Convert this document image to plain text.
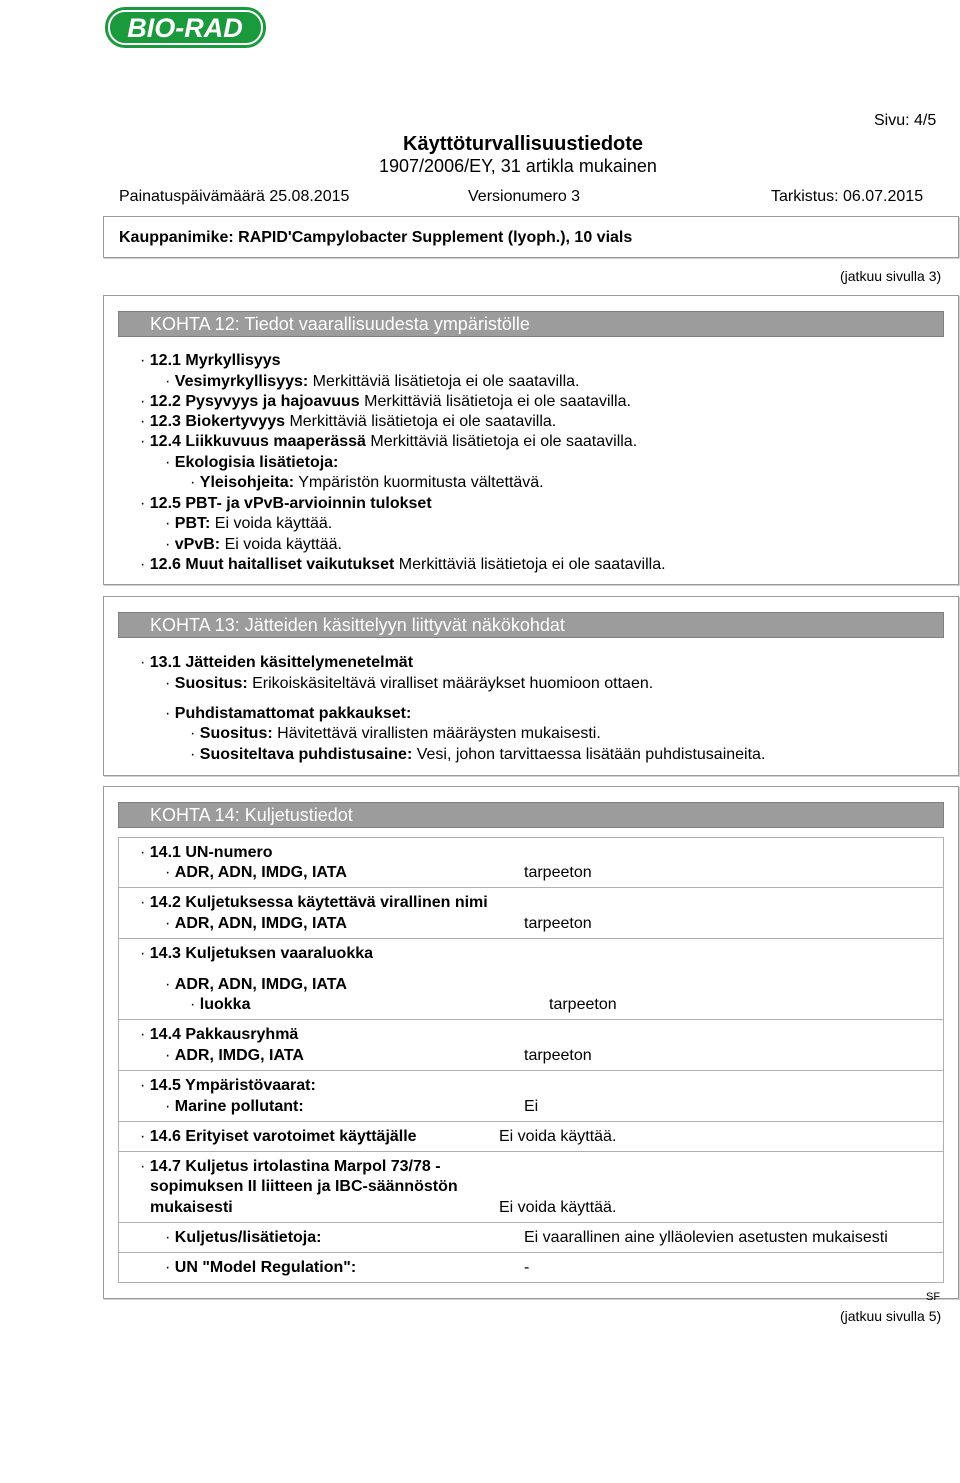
BIO-RAD
Sivu: 4/5
Käyttöturvallisuustiedote
1907/2006/EY, 31 artikla mukainen
Painatuspäivämäärä 25.08.2015	Versionumero 3	Tarkistus: 06.07.2015
Kauppanimike: RAPID'Campylobacter Supplement (lyoph.), 10 vials
(jatkuu sivulla 3)
KOHTA 12: Tiedot vaarallisuudesta ympäristölle
· 12.1 Myrkyllisyys
· Vesimyrkyllisyys: Merkittäviä lisätietoja ei ole saatavilla.
· 12.2 Pysyvyys ja hajoavuus Merkittäviä lisätietoja ei ole saatavilla.
· 12.3 Biokertyvyys Merkittäviä lisätietoja ei ole saatavilla.
· 12.4 Liikkuvuus maaperässä Merkittäviä lisätietoja ei ole saatavilla.
· Ekologisia lisätietoja:
· Yleisohjeita: Ympäristön kuormitusta vältettävä.
· 12.5 PBT- ja vPvB-arvioinnin tulokset
· PBT: Ei voida käyttää.
· vPvB: Ei voida käyttää.
· 12.6 Muut haitalliset vaikutukset Merkittäviä lisätietoja ei ole saatavilla.
KOHTA 13: Jätteiden käsittelyyn liittyvät näkökohdat
· 13.1 Jätteiden käsittelymenetelmät
· Suositus: Erikoiskäsiteltävä viralliset määräykset huomioon ottaen.
· Puhdistamattomat pakkaukset:
· Suositus: Hävitettävä virallisten määräysten mukaisesti.
· Suositeltava puhdistusaine: Vesi, johon tarvittaessa lisätään puhdistusaineita.
KOHTA 14: Kuljetustiedot
· 14.1 UN-numero
· ADR, ADN, IMDG, IATA	tarpeeton
· 14.2 Kuljetuksessa käytettävä virallinen nimi
· ADR, ADN, IMDG, IATA	tarpeeton
· 14.3 Kuljetuksen vaaraluokka
· ADR, ADN, IMDG, IATA
· luokka	tarpeeton
· 14.4 Pakkausryhmä
· ADR, IMDG, IATA	tarpeeton
· 14.5 Ympäristövaarat:
· Marine pollutant:	Ei
· 14.6 Erityiset varotoimet käyttäjälle	Ei voida käyttää.
· 14.7 Kuljetus irtolastina Marpol 73/78 -
sopimuksen II liitteen ja IBC-säännöstön
mukaisesti	Ei voida käyttää.
· Kuljetus/lisätietoja:	Ei vaarallinen aine ylläolevien asetusten mukaisesti
· UN "Model Regulation":	-
SF
(jatkuu sivulla 5)
